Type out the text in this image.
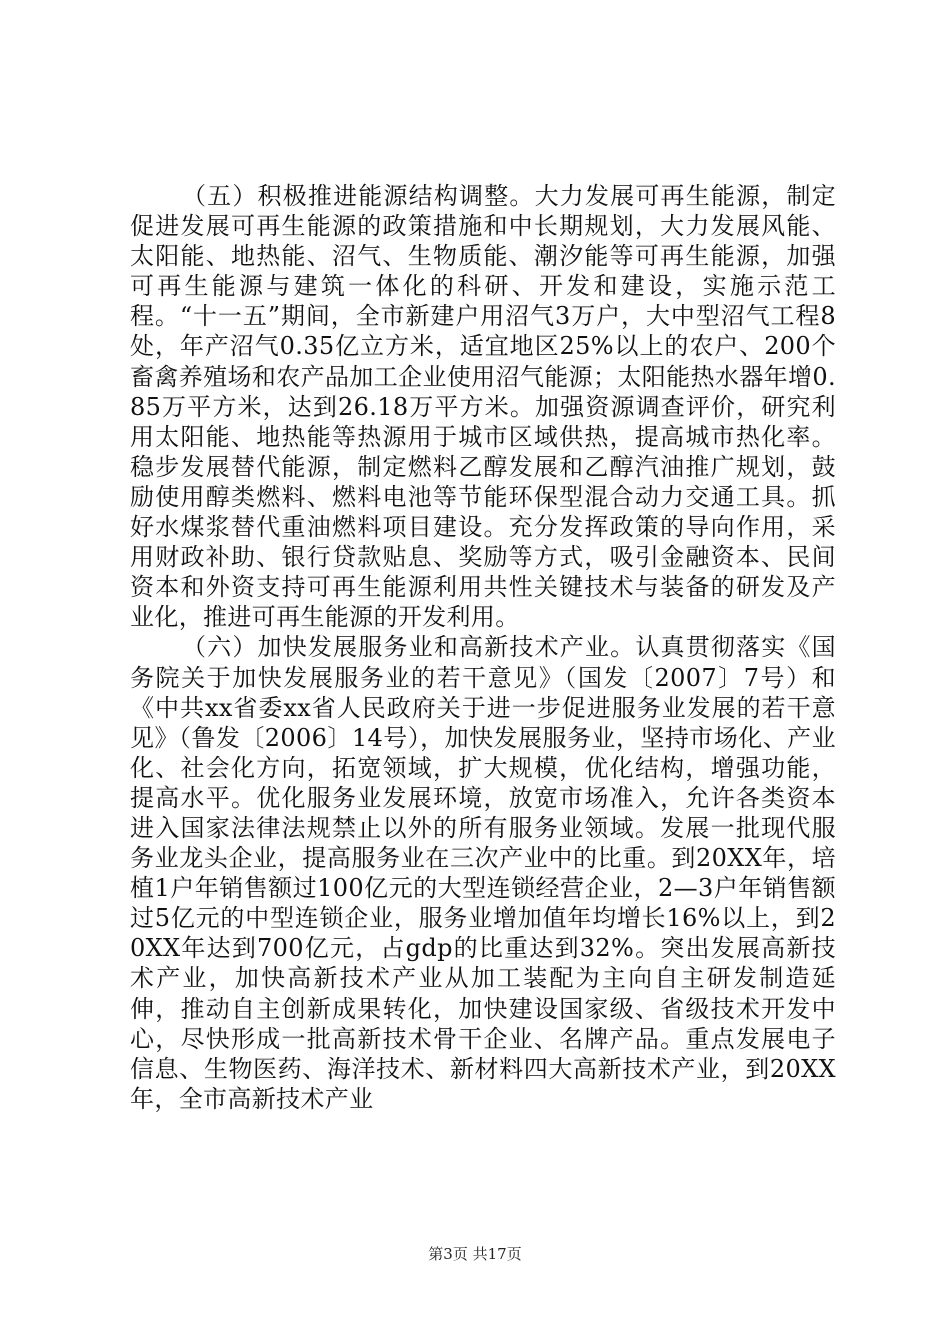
（五）积极推进能源结构调整。大力发展可再生能源，制定促进发展可再生能源的政策措施和中长期规划，大力发展风能、太阳能、地热能、沼气、生物质能、潮汐能等可再生能源，加强可再生能源与建筑一体化的科研、开发和建设，实施示范工程。“十一五”期间，全市新建户用沼气3万户，大中型沼气工程8处，年产沼气0.35亿立方米，适宜地区25%以上的农户、200个畜禽养殖场和农产品加工企业使用沼气能源；太阳能热水器年增0.85万平方米，达到26.18万平方米。加强资源调查评价，研究利用太阳能、地热能等热源用于城市区域供热，提高城市热化率。稳步发展替代能源，制定燃料乙醇发展和乙醇汽油推广规划，鼓励使用醇类燃料、燃料电池等节能环保型混合动力交通工具。抓好水煤浆替代重油燃料项目建设。充分发挥政策的导向作用，采用财政补助、银行贷款贴息、奖励等方式，吸引金融资本、民间资本和外资支持可再生能源利用共性关键技术与装备的研发及产业化，推进可再生能源的开发利用。

（六）加快发展服务业和高新技术产业。认真贯彻落实《国务院关于加快发展服务业的若干意见》（国发〔2007〕7号）和《中共xx省委xx省人民政府关于进一步促进服务业发展的若干意见》（鲁发〔2006〕14号），加快发展服务业，坚持市场化、产业化、社会化方向，拓宽领域，扩大规模，优化结构，增强功能，提高水平。优化服务业发展环境，放宽市场准入，允许各类资本进入国家法律法规禁止以外的所有服务业领域。发展一批现代服务业龙头企业，提高服务业在三次产业中的比重。到20XX年，培植1户年销售额过100亿元的大型连锁经营企业，2—3户年销售额过5亿元的中型连锁企业，服务业增加值年均增长16%以上，到20XX年达到700亿元，占gdp的比重达到32%。突出发展高新技术产业，加快高新技术产业从加工装配为主向自主研发制造延伸，推动自主创新成果转化，加快建设国家级、省级技术开发中心，尽快形成一批高新技术骨干企业、名牌产品。重点发展电子信息、生物医药、海洋技术、新材料四大高新技术产业，到20XX年，全市高新技术产业

第3页 共17页
